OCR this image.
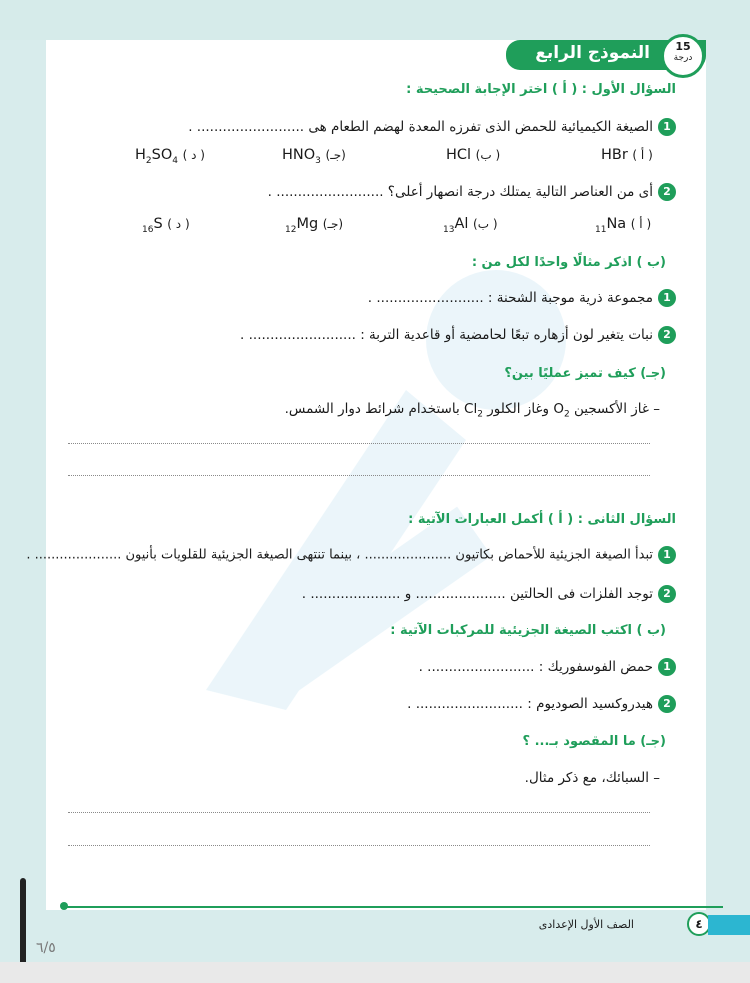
النموذج الرابع	15
درجة
السؤال الأول : ( أ ) اختر الإجابة الصحيحة :
1الصيغة الكيميائية للحمض الذى تفرزه المعدة لهضم الطعام هى ......................... .
HBr ( أ )
HCl (ب )
$HNO_3$ (جـ)
$H_2SO_4$ ( د )
2أى من العناصر التالية يمتلك درجة انصهار أعلى؟ ......................... .
$_{11}$Na ( أ )
$_{13}$Al (ب )
$_{12}$Mg (جـ)
$_{16}$S ( د )
(ب ) اذكر مثالًا واحدًا لكل من :
1مجموعة ذرية موجبة الشحنة : ......................... .
2نبات يتغير لون أزهاره تبعًا لحامضية أو قاعدية التربة : ......................... .
(جـ) كيف تميز عمليًا بين؟
– غاز الأكسجين $O_2$ وغاز الكلور $Cl_2$ باستخدام شرائط دوار الشمس.
السؤال الثانى : ( أ ) أكمل العبارات الآتية :
1تبدأ الصيغة الجزيئية للأحماض بكاتيون ..................... ، بينما تنتهى الصيغة الجزيئية للقلويات بأنيون ..................... .
2توجد الفلزات فى الحالتين ..................... و ..................... .
(ب ) اكتب الصيغة الجزيئية للمركبات الآتية :
1حمض الفوسفوريك : ......................... .
2هيدروكسيد الصوديوم : ......................... .
(جـ) ما المقصود بـ... ؟
– السبائك، مع ذكر مثال.
الصف الأول الإعدادى	٤
٦/٥
